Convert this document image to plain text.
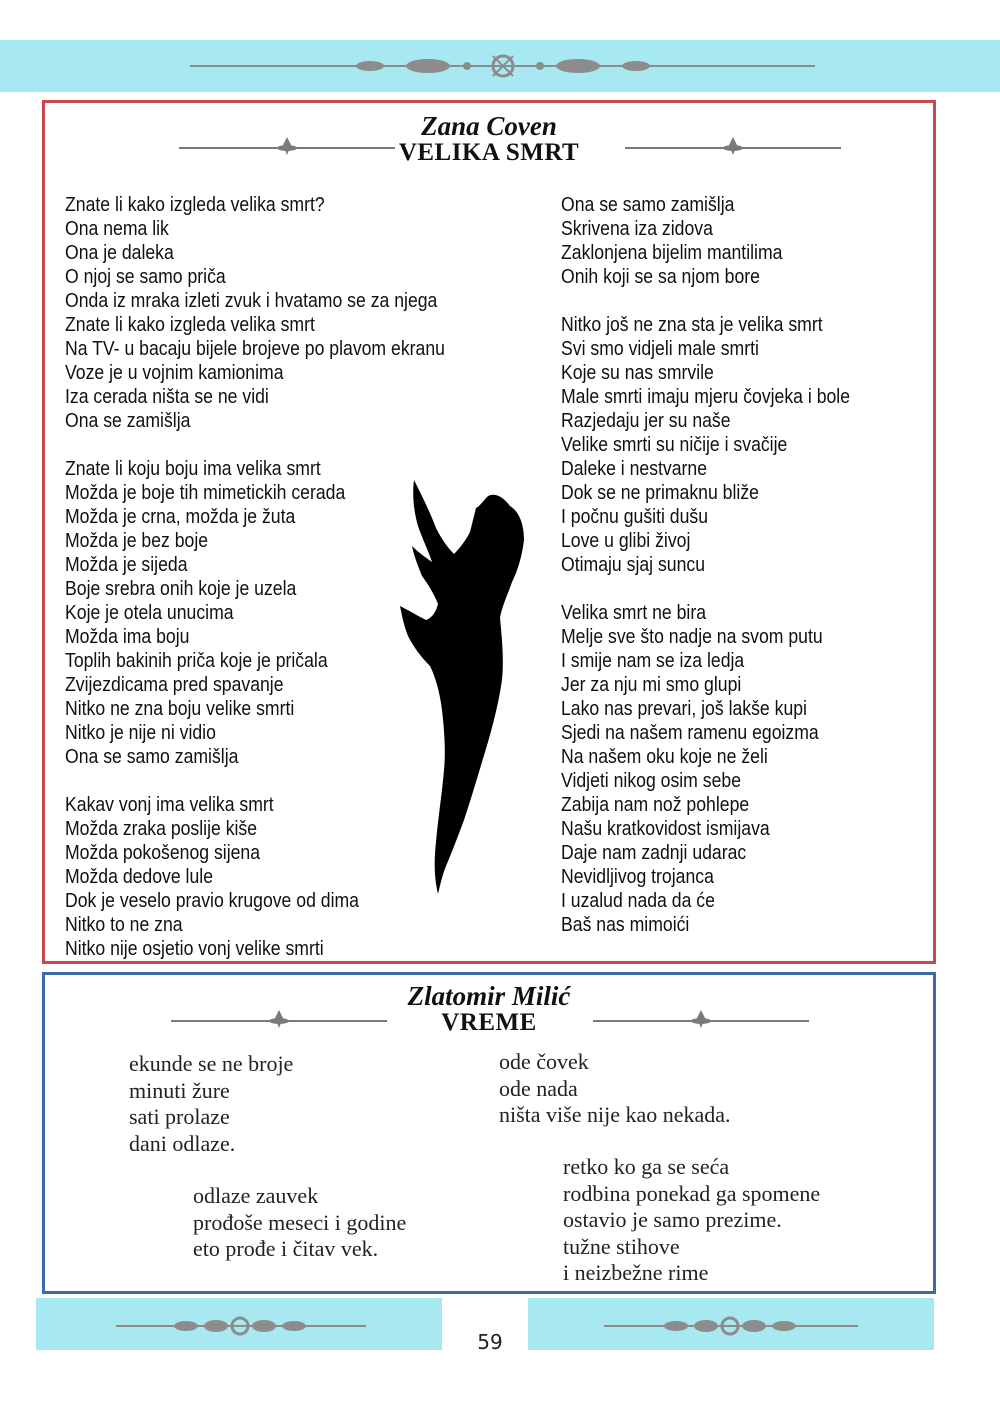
Zana Coven
VELIKA SMRT
Znate li kako izgleda velika smrt?
Ona nema lik
Ona je daleka
O njoj se samo priča
Onda iz mraka izleti zvuk i hvatamo se za njega
Znate li kako izgleda velika smrt
Na TV- u bacaju bijele brojeve po plavom ekranu
Voze je u vojnim kamionima
Iza cerada ništa se ne vidi
Ona se zamišlja
Znate li koju boju ima velika smrt
Možda je boje tih mimetickih cerada
Možda je crna, možda je žuta
Možda je bez boje
Možda je sijeda
Boje srebra onih koje je uzela
Koje je otela unucima
Možda ima boju
Toplih bakinih priča koje je pričala
Zvijezdicama pred spavanje
Nitko ne zna boju velike smrti
Nitko je nije ni vidio
Ona se samo zamišlja
Kakav vonj ima velika smrt
Možda zraka poslije kiše
Možda pokošenog sijena
Možda dedove lule
Dok je veselo pravio krugove od dima
Nitko to ne zna
Nitko nije osjetio vonj velike smrti
Ona se samo zamišlja
Skrivena iza zidova
Zaklonjena bijelim mantilima
Onih koji se sa njom bore
Nitko još ne zna sta je velika smrt
Svi smo vidjeli male smrti
Koje su nas smrvile
Male smrti imaju mjeru čovjeka i bole
Razjedaju jer su naše
Velike smrti su ničije i svačije
Daleke i nestvarne
Dok se ne primaknu bliže
I počnu gušiti dušu
Love u glibi živoj
Otimaju sjaj suncu
Velika smrt ne bira
Melje sve što nadje na svom putu
I smije nam se iza ledja
Jer za nju mi smo glupi
Lako nas prevari, još lakše kupi
Sjedi na našem ramenu egoizma
Na našem oku koje ne želi
Vidjeti nikog osim sebe
Zabija nam nož pohlepe
Našu kratkovidost ismijava
Daje nam zadnji udarac
Nevidljivog trojanca
I uzalud nada da će
Baš nas mimoići
Zlatomir Milić
VREME
ekunde se ne broje
minuti žure
sati prolaze
dani odlaze.
odlaze zauvek
prođoše meseci i godine
eto prođe i čitav vek.
ode čovek
ode nada
ništa više nije kao nekada.
retko ko ga se seća
rodbina ponekad ga spomene
ostavio je samo prezime.
tužne stihove
i neizbežne rime
59
